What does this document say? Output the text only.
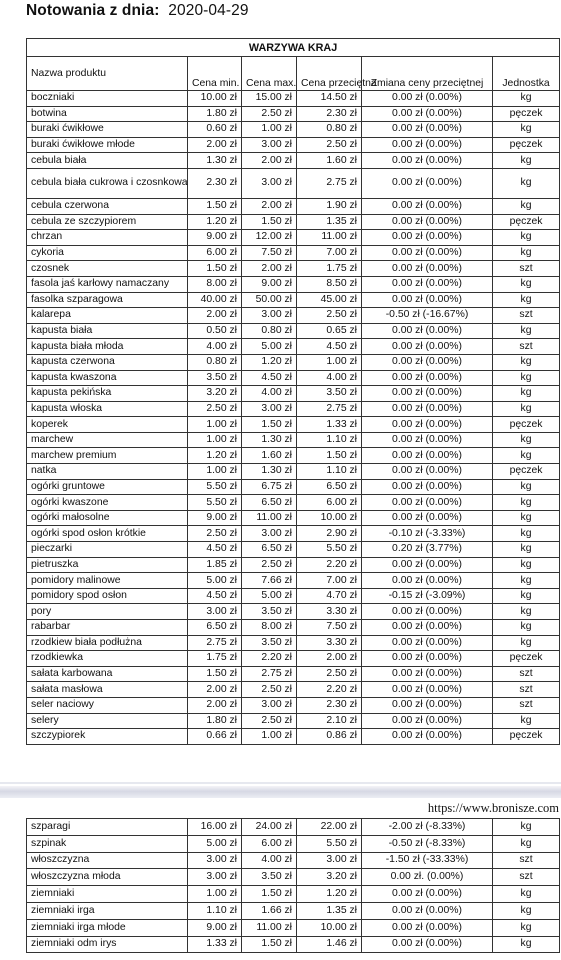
Notowania z dnia: 2020-04-29
WARZYWA KRAJ					
Nazwa produktu	Cena min.	Cena max.	Cena przeciętna	Zmiana ceny przeciętnej	Jednostka
boczniaki	10.00 zł	15.00 zł	14.50 zł	0.00 zł (0.00%)	kg
botwina	1.80 zł	2.50 zł	2.30 zł	0.00 zł (0.00%)	pęczek
buraki ćwikłowe	0.60 zł	1.00 zł	0.80 zł	0.00 zł (0.00%)	kg
buraki ćwikłowe młode	2.00 zł	3.00 zł	2.50 zł	0.00 zł (0.00%)	pęczek
cebula biała	1.30 zł	2.00 zł	1.60 zł	0.00 zł (0.00%)	kg
cebula biała cukrowa i czosnkowa	2.30 zł	3.00 zł	2.75 zł	0.00 zł (0.00%)	kg
cebula czerwona	1.50 zł	2.00 zł	1.90 zł	0.00 zł (0.00%)	kg
cebula ze szczypiorem	1.20 zł	1.50 zł	1.35 zł	0.00 zł (0.00%)	pęczek
chrzan	9.00 zł	12.00 zł	11.00 zł	0.00 zł (0.00%)	kg
cykoria	6.00 zł	7.50 zł	7.00 zł	0.00 zł (0.00%)	kg
czosnek	1.50 zł	2.00 zł	1.75 zł	0.00 zł (0.00%)	szt
fasola jaś karłowy namaczany	8.00 zł	9.00 zł	8.50 zł	0.00 zł (0.00%)	kg
fasolka szparagowa	40.00 zł	50.00 zł	45.00 zł	0.00 zł (0.00%)	kg
kalarepa	2.00 zł	3.00 zł	2.50 zł	-0.50 zł (-16.67%)	szt
kapusta biała	0.50 zł	0.80 zł	0.65 zł	0.00 zł (0.00%)	kg
kapusta biała młoda	4.00 zł	5.00 zł	4.50 zł	0.00 zł (0.00%)	szt
kapusta czerwona	0.80 zł	1.20 zł	1.00 zł	0.00 zł (0.00%)	kg
kapusta kwaszona	3.50 zł	4.50 zł	4.00 zł	0.00 zł (0.00%)	kg
kapusta pekińska	3.20 zł	4.00 zł	3.50 zł	0.00 zł (0.00%)	kg
kapusta włoska	2.50 zł	3.00 zł	2.75 zł	0.00 zł (0.00%)	kg
koperek	1.00 zł	1.50 zł	1.33 zł	0.00 zł (0.00%)	pęczek
marchew	1.00 zł	1.30 zł	1.10 zł	0.00 zł (0.00%)	kg
marchew premium	1.20 zł	1.60 zł	1.50 zł	0.00 zł (0.00%)	kg
natka	1.00 zł	1.30 zł	1.10 zł	0.00 zł (0.00%)	pęczek
ogórki gruntowe	5.50 zł	6.75 zł	6.50 zł	0.00 zł (0.00%)	kg
ogórki kwaszone	5.50 zł	6.50 zł	6.00 zł	0.00 zł (0.00%)	kg
ogórki małosolne	9.00 zł	11.00 zł	10.00 zł	0.00 zł (0.00%)	kg
ogórki spod osłon krótkie	2.50 zł	3.00 zł	2.90 zł	-0.10 zł (-3.33%)	kg
pieczarki	4.50 zł	6.50 zł	5.50 zł	0.20 zł (3.77%)	kg
pietruszka	1.85 zł	2.50 zł	2.20 zł	0.00 zł (0.00%)	kg
pomidory malinowe	5.00 zł	7.66 zł	7.00 zł	0.00 zł (0.00%)	kg
pomidory spod osłon	4.50 zł	5.00 zł	4.70 zł	-0.15 zł (-3.09%)	kg
pory	3.00 zł	3.50 zł	3.30 zł	0.00 zł (0.00%)	kg
rabarbar	6.50 zł	8.00 zł	7.50 zł	0.00 zł (0.00%)	kg
rzodkiew biała podłużna	2.75 zł	3.50 zł	3.30 zł	0.00 zł (0.00%)	kg
rzodkiewka	1.75 zł	2.20 zł	2.00 zł	0.00 zł (0.00%)	pęczek
sałata karbowana	1.50 zł	2.75 zł	2.50 zł	0.00 zł (0.00%)	szt
sałata masłowa	2.00 zł	2.50 zł	2.20 zł	0.00 zł (0.00%)	szt
seler naciowy	2.00 zł	3.00 zł	2.30 zł	0.00 zł (0.00%)	szt
selery	1.80 zł	2.50 zł	2.10 zł	0.00 zł (0.00%)	kg
szczypiorek	0.66 zł	1.00 zł	0.86 zł	0.00 zł (0.00%)	pęczek
https://www.bronisze.com
szparagi	16.00 zł	24.00 zł	22.00 zł	-2.00 zł (-8.33%)	kg
szpinak	5.00 zł	6.00 zł	5.50 zł	-0.50 zł (-8.33%)	kg
włoszczyzna	3.00 zł	4.00 zł	3.00 zł	-1.50 zł (-33.33%)	szt
włoszczyzna młoda	3.00 zł	3.50 zł	3.20 zł	0.00 zł. (0.00%)	szt
ziemniaki	1.00 zł	1.50 zł	1.20 zł	0.00 zł (0.00%)	kg
ziemniaki irga	1.10 zł	1.66 zł	1.35 zł	0.00 zł (0.00%)	kg
ziemniaki irga młode	9.00 zł	11.00 zł	10.00 zł	0.00 zł (0.00%)	kg
ziemniaki odm irys	1.33 zł	1.50 zł	1.46 zł	0.00 zł (0.00%)	kg
